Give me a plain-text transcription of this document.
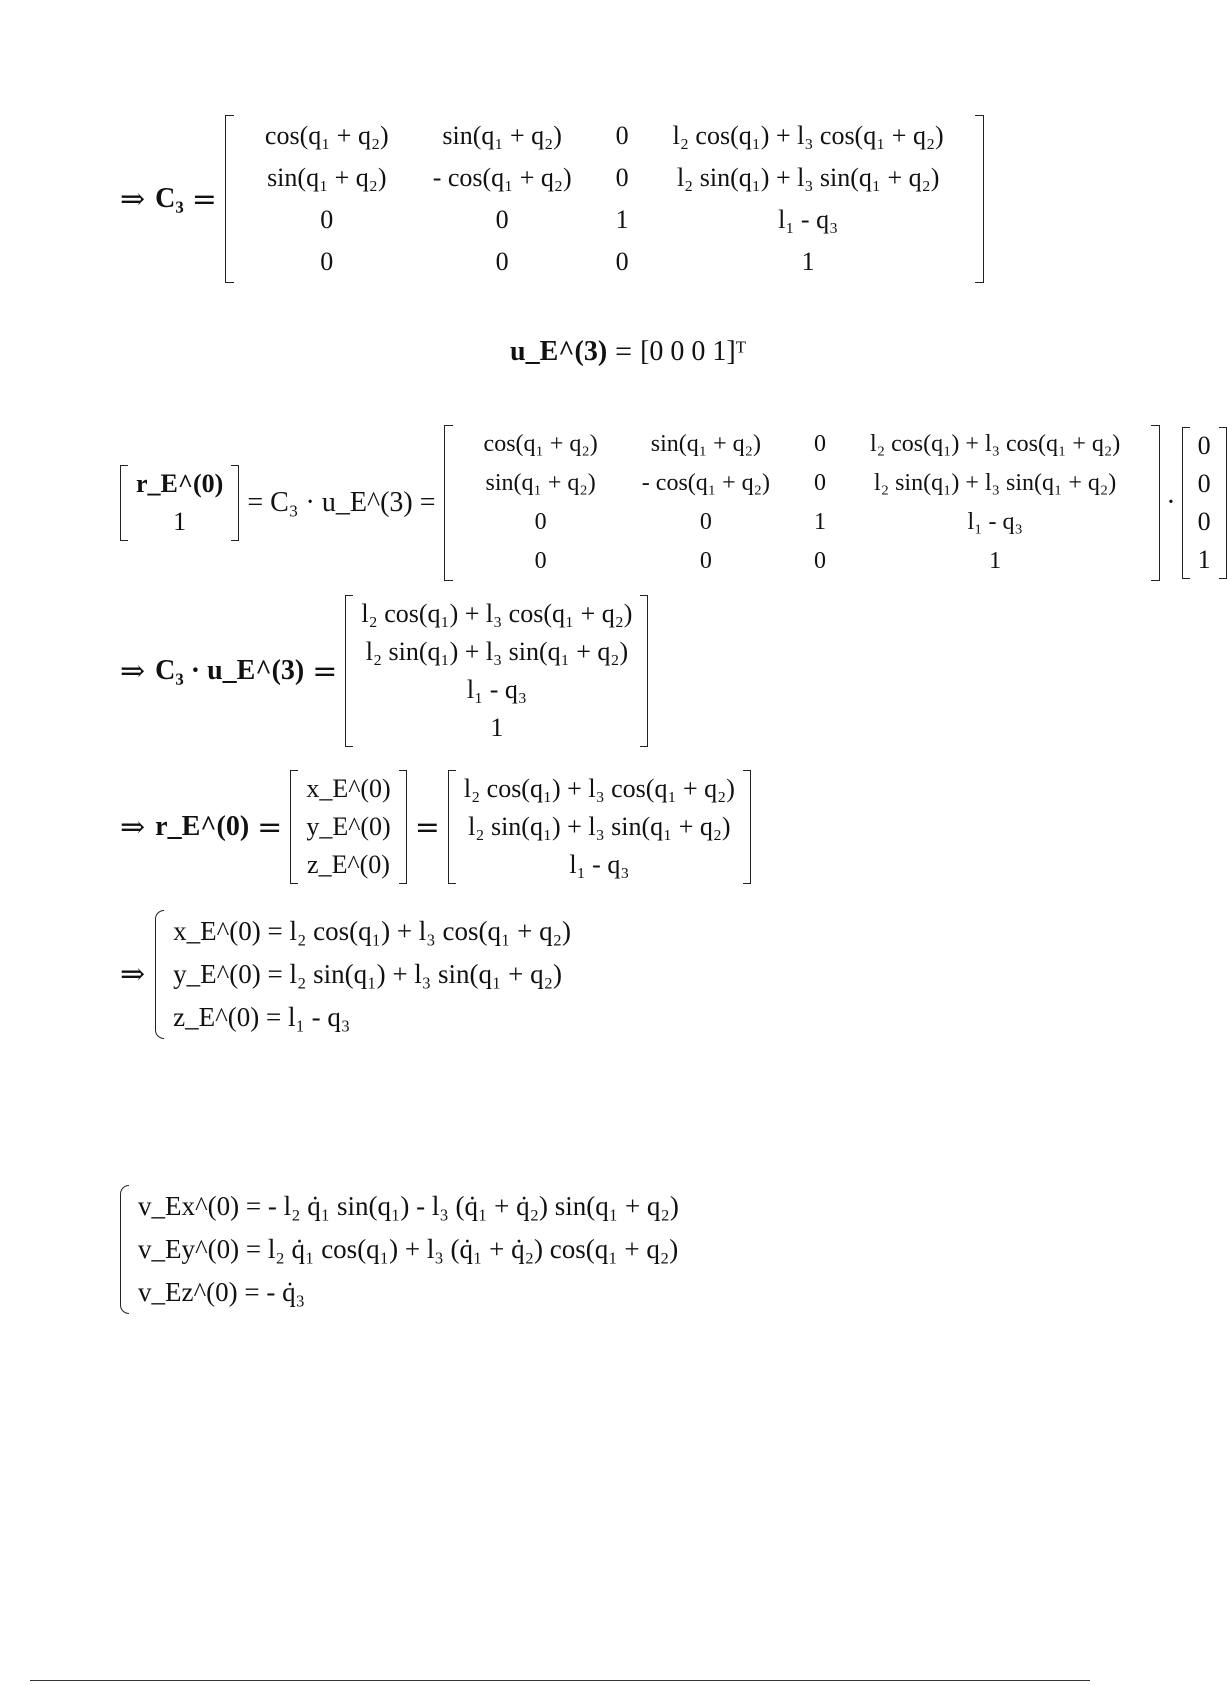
⇒ C₃ =
cos(q₁ + q₂)	sin(q₁ + q₂)	0	l₂ cos(q₁) + l₃ cos(q₁ + q₂)
sin(q₁ + q₂)	- cos(q₁ + q₂)	0	l₂ sin(q₁) + l₃ sin(q₁ + q₂)
0	0	1	l₁ - q₃
0	0	0	1
u_E^(3) = [0 0 0 1]ᵀ
r_E^(0)
1
= C₃ · u_E^(3) =
cos(q₁ + q₂)	sin(q₁ + q₂)	0	l₂ cos(q₁) + l₃ cos(q₁ + q₂)
sin(q₁ + q₂)	- cos(q₁ + q₂)	0	l₂ sin(q₁) + l₃ sin(q₁ + q₂)
0	0	1	l₁ - q₃
0	0	0	1
·
0
0
0
1
⇒ C₃ · u_E^(3) =
l₂ cos(q₁) + l₃ cos(q₁ + q₂)
l₂ sin(q₁) + l₃ sin(q₁ + q₂)
l₁ - q₃
1
⇒ r_E^(0) =
x_E^(0)
y_E^(0)
z_E^(0)
=
l₂ cos(q₁) + l₃ cos(q₁ + q₂)
l₂ sin(q₁) + l₃ sin(q₁ + q₂)
l₁ - q₃
⇒
x_E^(0) = l₂ cos(q₁) + l₃ cos(q₁ + q₂)
y_E^(0) = l₂ sin(q₁) + l₃ sin(q₁ + q₂)
z_E^(0) = l₁ - q₃
v_Ex^(0) = - l₂ q̇₁ sin(q₁) - l₃ (q̇₁ + q̇₂) sin(q₁ + q₂)
v_Ey^(0) = l₂ q̇₁ cos(q₁) + l₃ (q̇₁ + q̇₂) cos(q₁ + q₂)
v_Ez^(0) = - q̇₃
